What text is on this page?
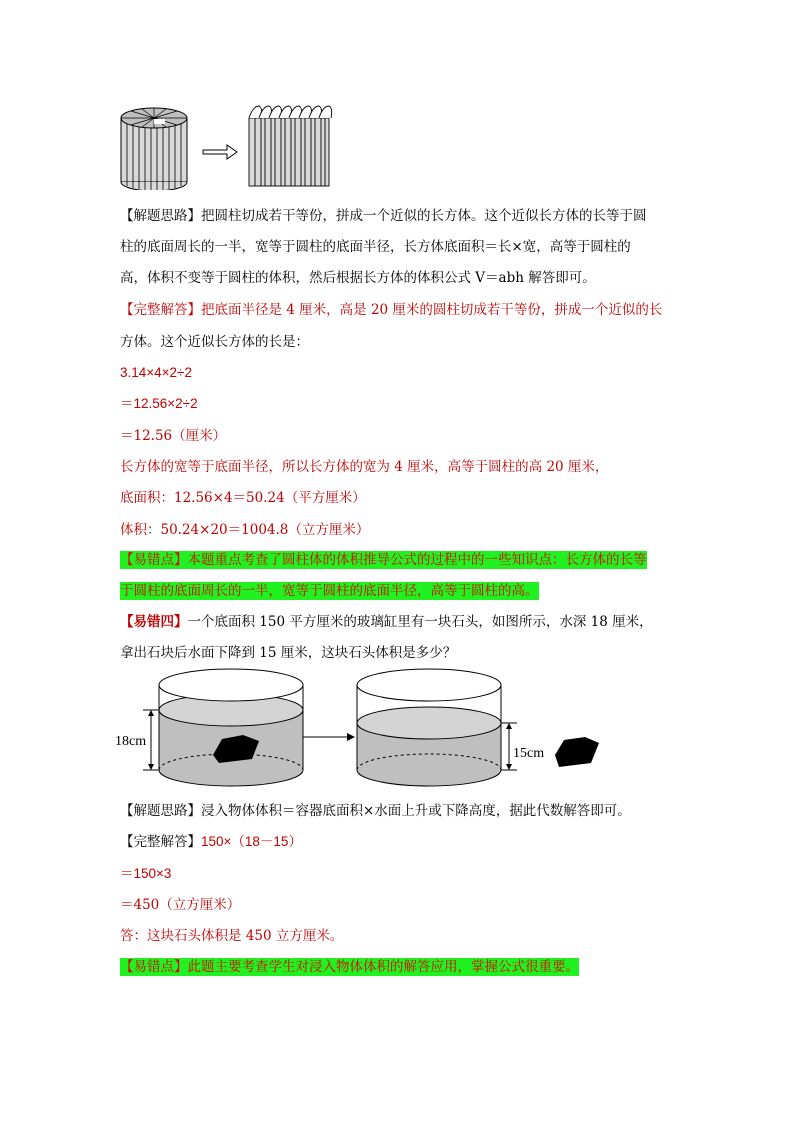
【解题思路】把圆柱切成若干等份，拼成一个近似的长方体。这个近似长方体的长等于圆
柱的底面周长的一半，宽等于圆柱的底面半径，长方体底面积＝长×宽，高等于圆柱的
高，体积不变等于圆柱的体积，然后根据长方体的体积公式 V＝abh 解答即可。
【完整解答】把底面半径是 4 厘米，高是 20 厘米的圆柱切成若干等份，拼成一个近似的长
方体。这个近似长方体的长是：
3.14×4×2÷2
＝12.56×2÷2
＝12.56（厘米）
长方体的宽等于底面半径，所以长方体的宽为 4 厘米，高等于圆柱的高 20 厘米，
底面积：12.56×4＝50.24（平方厘米）
体积：50.24×20＝1004.8（立方厘米）
【易错点】本题重点考查了圆柱体的体积推导公式的过程中的一些知识点：长方体的长等
于圆柱的底面周长的一半，宽等于圆柱的底面半径，高等于圆柱的高。
【易错四】一个底面积 150 平方厘米的玻璃缸里有一块石头，如图所示，水深 18 厘米，
拿出石块后水面下降到 15 厘米，这块石头体积是多少？
18cm
15cm
【解题思路】浸入物体体积＝容器底面积×水面上升或下降高度，据此代数解答即可。
【完整解答】150×（18－15）
＝150×3
＝450（立方厘米）
答：这块石头体积是 450 立方厘米。
【易错点】此题主要考查学生对浸入物体体积的解答应用，掌握公式很重要。
